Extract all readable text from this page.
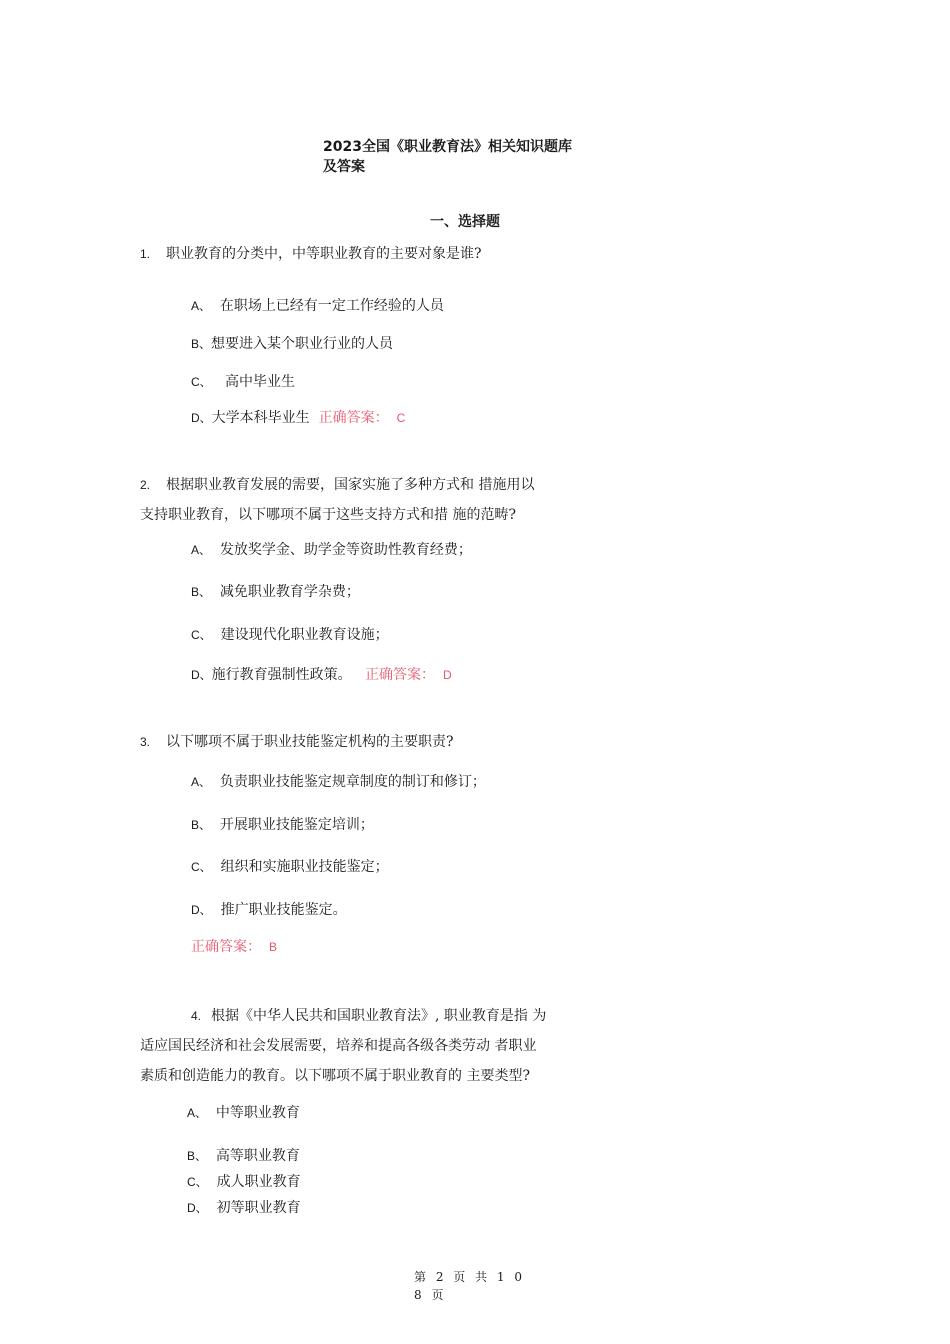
2023全国《职业教育法》相关知识题库
及答案
一、选择题
1. 职业教育的分类中，中等职业教育的主要对象是谁?
A、 在职场上已经有一定工作经验的人员
B、想要进入某个职业行业的人员
C、 高中毕业生
D、大学本科毕业生 正确答案： C
2. 根据职业教育发展的需要，国家实施了多种方式和 措施用以
支持职业教育，以下哪项不属于这些支持方式和措 施的范畴?
A、 发放奖学金、助学金等资助性教育经费；
B、 减免职业教育学杂费；
C、 建设现代化职业教育设施；
D、施行教育强制性政策。 正确答案： D
3. 以下哪项不属于职业技能鉴定机构的主要职责?
A、 负责职业技能鉴定规章制度的制订和修订；
B、 开展职业技能鉴定培训；
C、 组织和实施职业技能鉴定；
D、 推广职业技能鉴定。
正确答案： B
4. 根据《中华人民共和国职业教育法》, 职业教育是指 为
适应国民经济和社会发展需要，培养和提高各级各类劳动 者职业
素质和创造能力的教育。以下哪项不属于职业教育的 主要类型?
A、 中等职业教育
B、 高等职业教育
C、 成人职业教育
D、 初等职业教育
第 2 页 共 1 0 8 页
